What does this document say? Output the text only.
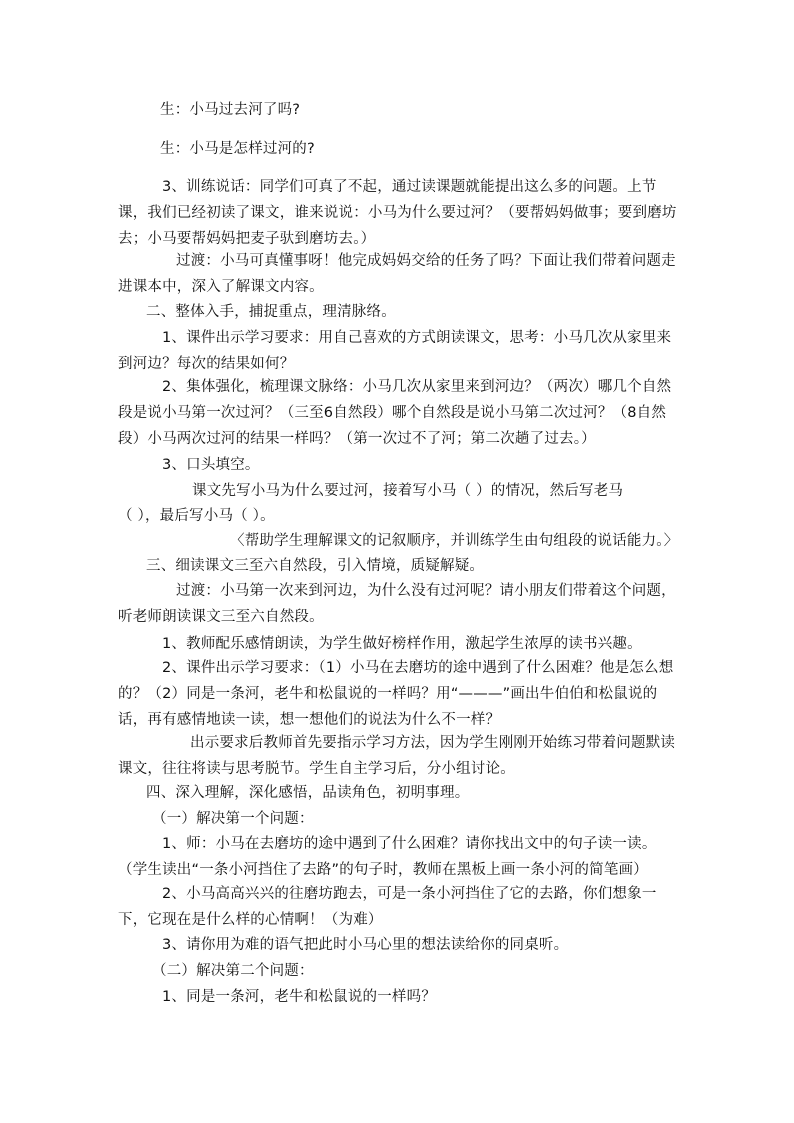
生：小马过去河了吗?

生：小马是怎样过河的?

3、训练说话：同学们可真了不起，通过读课题就能提出这么多的问题。上节课，我们已经初读了课文，谁来说说：小马为什么要过河？（要帮妈妈做事；要到磨坊去；小马要帮妈妈把麦子驮到磨坊去。）

过渡：小马可真懂事呀！他完成妈妈交给的任务了吗？下面让我们带着问题走进课本中，深入了解课文内容。

二、整体入手，捕捉重点，理清脉络。

1、课件出示学习要求：用自己喜欢的方式朗读课文，思考：小马几次从家里来到河边？每次的结果如何？

2、集体强化，梳理课文脉络：小马几次从家里来到河边？（两次）哪几个自然段是说小马第一次过河？（三至6自然段）哪个自然段是说小马第二次过河？（8自然段）小马两次过河的结果一样吗？（第一次过不了河；第二次趟了过去。）

3、口头填空。

课文先写小马为什么要过河，接着写小马（ ）的情况，然后写老马

（ ），最后写小马（ ）。

〈帮助学生理解课文的记叙顺序，并训练学生由句组段的说话能力。〉

三、细读课文三至六自然段，引入情境，质疑解疑。

过渡：小马第一次来到河边，为什么没有过河呢？请小朋友们带着这个问题，听老师朗读课文三至六自然段。

1、教师配乐感情朗读，为学生做好榜样作用，激起学生浓厚的读书兴趣。

2、课件出示学习要求：（1）小马在去磨坊的途中遇到了什么困难？他是怎么想的？（2）同是一条河，老牛和松鼠说的一样吗？用“———”画出牛伯伯和松鼠说的话，再有感情地读一读，想一想他们的说法为什么不一样？

出示要求后教师首先要指示学习方法，因为学生刚刚开始练习带着问题默读课文，往往将读与思考脱节。学生自主学习后，分小组讨论。

四、深入理解，深化感悟，品读角色，初明事理。

（一）解决第一个问题：

1、师：小马在去磨坊的途中遇到了什么困难？请你找出文中的句子读一读。（学生读出“一条小河挡住了去路”的句子时，教师在黑板上画一条小河的简笔画）

2、小马高高兴兴的往磨坊跑去，可是一条小河挡住了它的去路，你们想象一下，它现在是什么样的心情啊！（为难）

3、请你用为难的语气把此时小马心里的想法读给你的同桌听。

（二）解决第二个问题：

1、同是一条河，老牛和松鼠说的一样吗？
